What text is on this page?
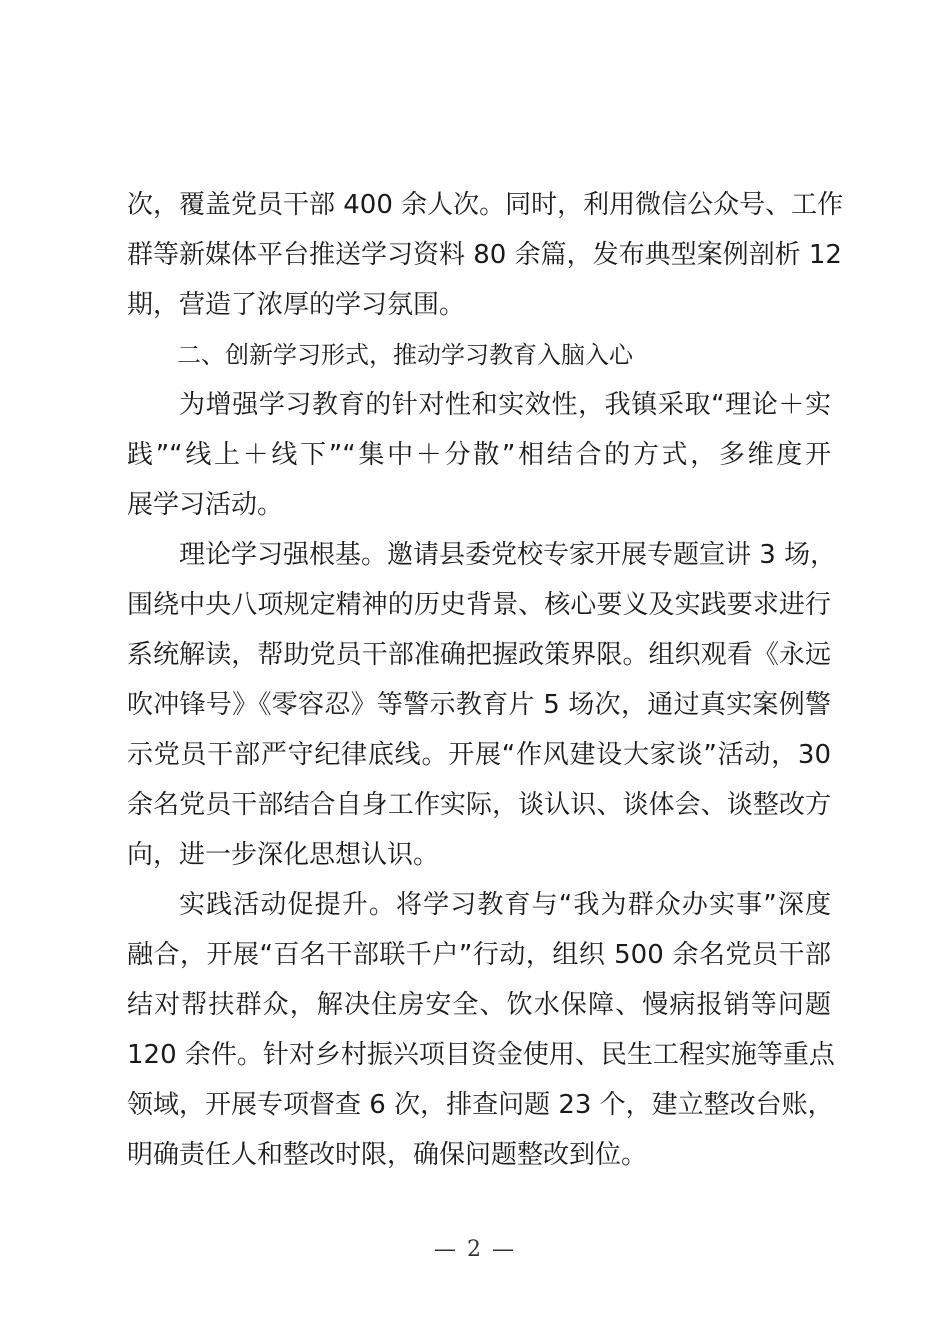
次，覆盖党员干部 400 余人次。同时，利用微信公众号、工作
群等新媒体平台推送学习资料 80 余篇，发布典型案例剖析 12
期，营造了浓厚的学习氛围。
二、创新学习形式，推动学习教育入脑入心
为增强学习教育的针对性和实效性，我镇采取“理论＋实
践”“线上＋线下”“集中＋分散”相结合的方式，多维度开
展学习活动。
理论学习强根基。邀请县委党校专家开展专题宣讲 3 场，
围绕中央八项规定精神的历史背景、核心要义及实践要求进行
系统解读，帮助党员干部准确把握政策界限。组织观看《永远
吹冲锋号》《零容忍》等警示教育片 5 场次，通过真实案例警
示党员干部严守纪律底线。开展“作风建设大家谈”活动，30
余名党员干部结合自身工作实际，谈认识、谈体会、谈整改方
向，进一步深化思想认识。
实践活动促提升。将学习教育与“我为群众办实事”深度
融合，开展“百名干部联千户”行动，组织 500 余名党员干部
结对帮扶群众，解决住房安全、饮水保障、慢病报销等问题
120 余件。针对乡村振兴项目资金使用、民生工程实施等重点
领域，开展专项督查 6 次，排查问题 23 个，建立整改台账，
明确责任人和整改时限，确保问题整改到位。
— 2 —
